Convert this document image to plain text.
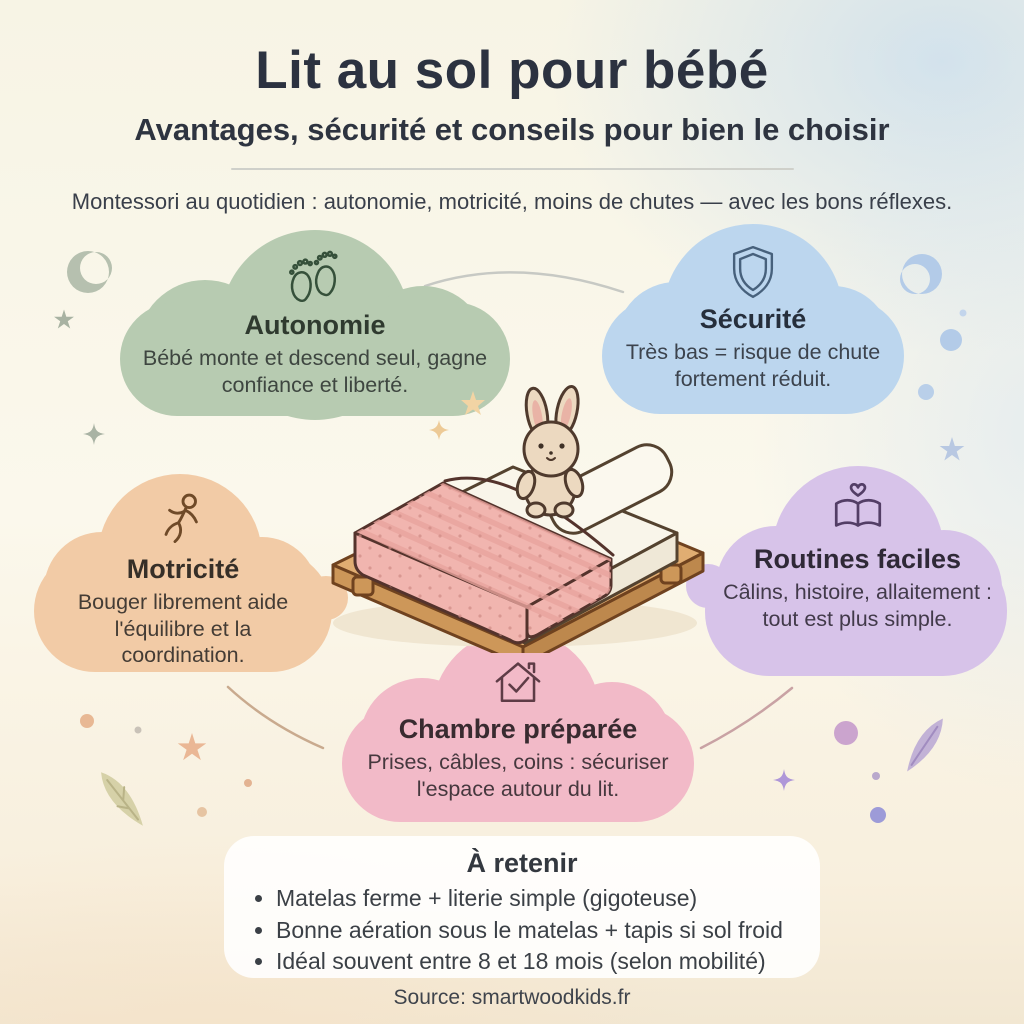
Lit au sol pour bébé
Avantages, sécurité et conseils pour bien le choisir
Montessori au quotidien : autonomie, motricité, moins de chutes — avec les bons réflexes.
Autonomie

Bébé monte et descend seul, gagne confiance et liberté.

Sécurité

Très bas = risque de chute fortement réduit.

Motricité

Bouger librement aide l'équilibre et la coordination.

Routines faciles

Câlins, histoire, allaitement : tout est plus simple.

Chambre préparée

Prises, câbles, coins : sécuriser l'espace autour du lit.

À retenir
• Matelas ferme + literie simple (gigoteuse)
• Bonne aération sous le matelas + tapis si sol froid
• Idéal souvent entre 8 et 18 mois (selon mobilité)
Source: smartwoodkids.fr
